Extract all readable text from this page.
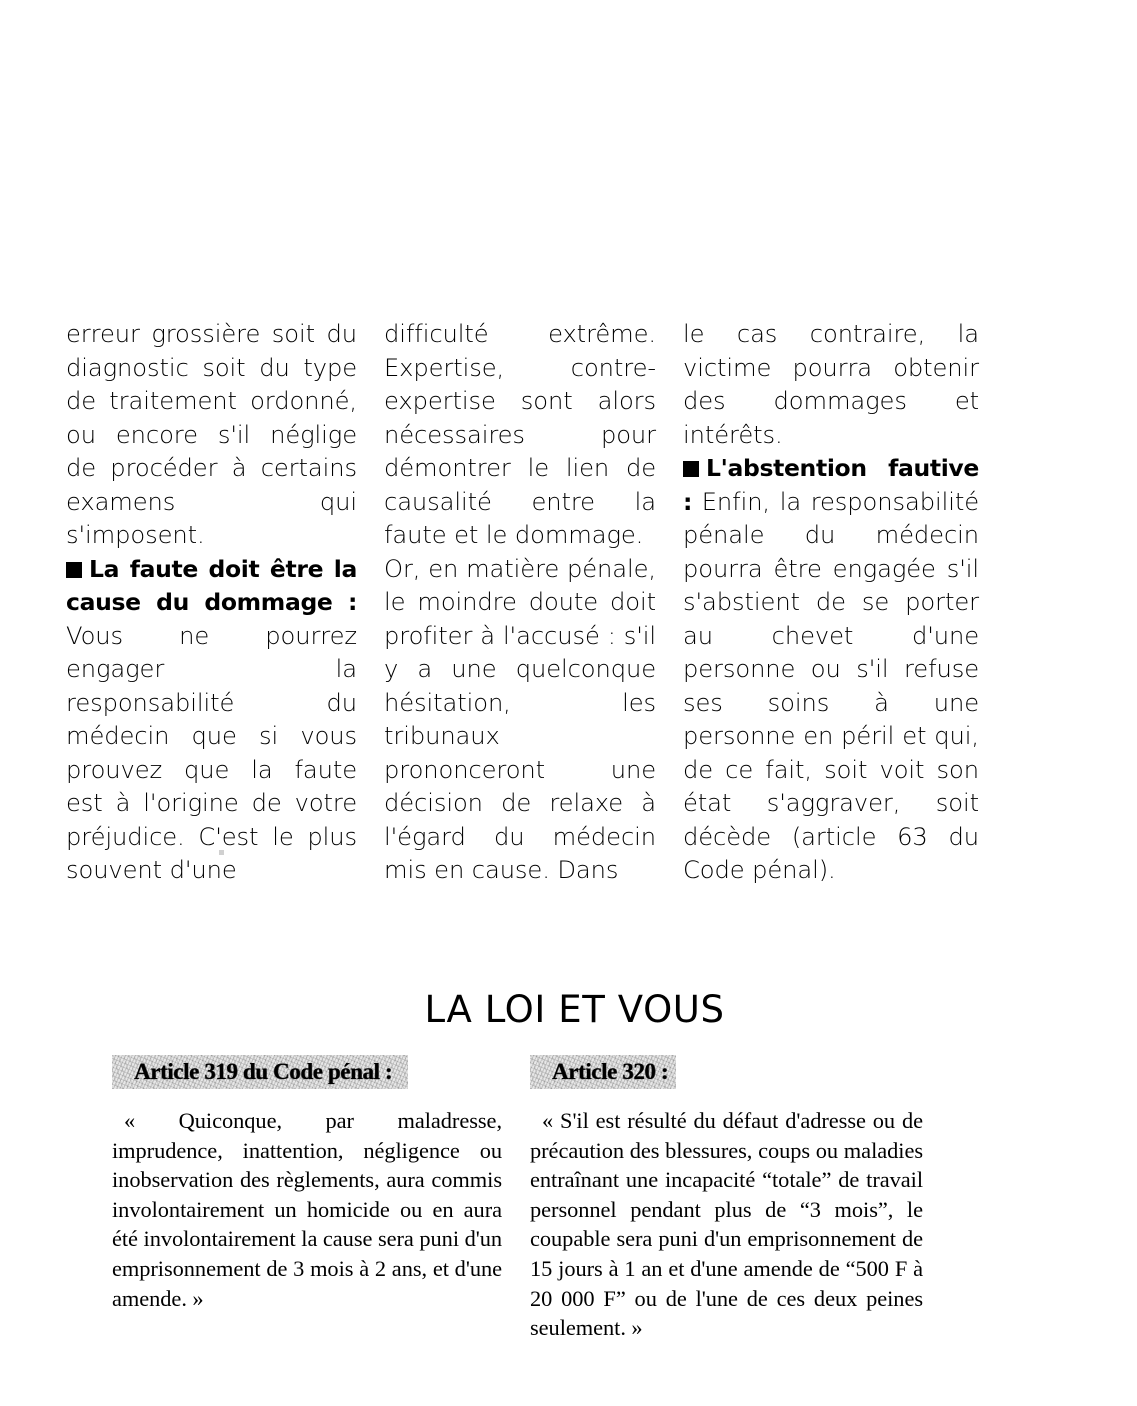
erreur grossière soit du diagnostic soit du type de traitement ordonné, ou encore s'il néglige de procéder à certains examens qui s'imposent.

La faute doit être la cause du dommage : Vous ne pourrez engager la responsabilité du médecin que si vous prouvez que la faute est à l'origine de votre préjudice. C'est le plus souvent d'une

difficulté extrême. Expertise, contre-expertise sont alors nécessaires pour démontrer le lien de causalité entre la faute et le dommage.

Or, en matière pénale, le moindre doute doit profiter à l'accusé : s'il y a une quelconque hésitation, les tribunaux prononceront une décision de relaxe à l'égard du médecin mis en cause. Dans

le cas contraire, la victime pourra obtenir des dommages et intérêts.

L'abstention fautive : Enfin, la responsabilité pénale du médecin pourra être engagée s'il s'abstient de se porter au chevet d'une personne ou s'il refuse ses soins à une personne en péril et qui, de ce fait, soit voit son état s'aggraver, soit décède (article 63 du Code pénal).

LA LOI ET VOUS
Article 319 du Code pénal :

« Quiconque, par maladresse, imprudence, inattention, négligence ou inobservation des règlements, aura commis involontairement un homicide ou en aura été involontairement la cause sera puni d'un emprisonnement de 3 mois à 2 ans, et d'une amende. »

Article 320 :

« S'il est résulté du défaut d'adresse ou de précaution des blessures, coups ou maladies entraînant une incapacité “totale” de travail personnel pendant plus de “3 mois”, le coupable sera puni d'un emprisonnement de 15 jours à 1 an et d'une amende de “500 F à 20 000 F” ou de l'une de ces deux peines seulement. »
